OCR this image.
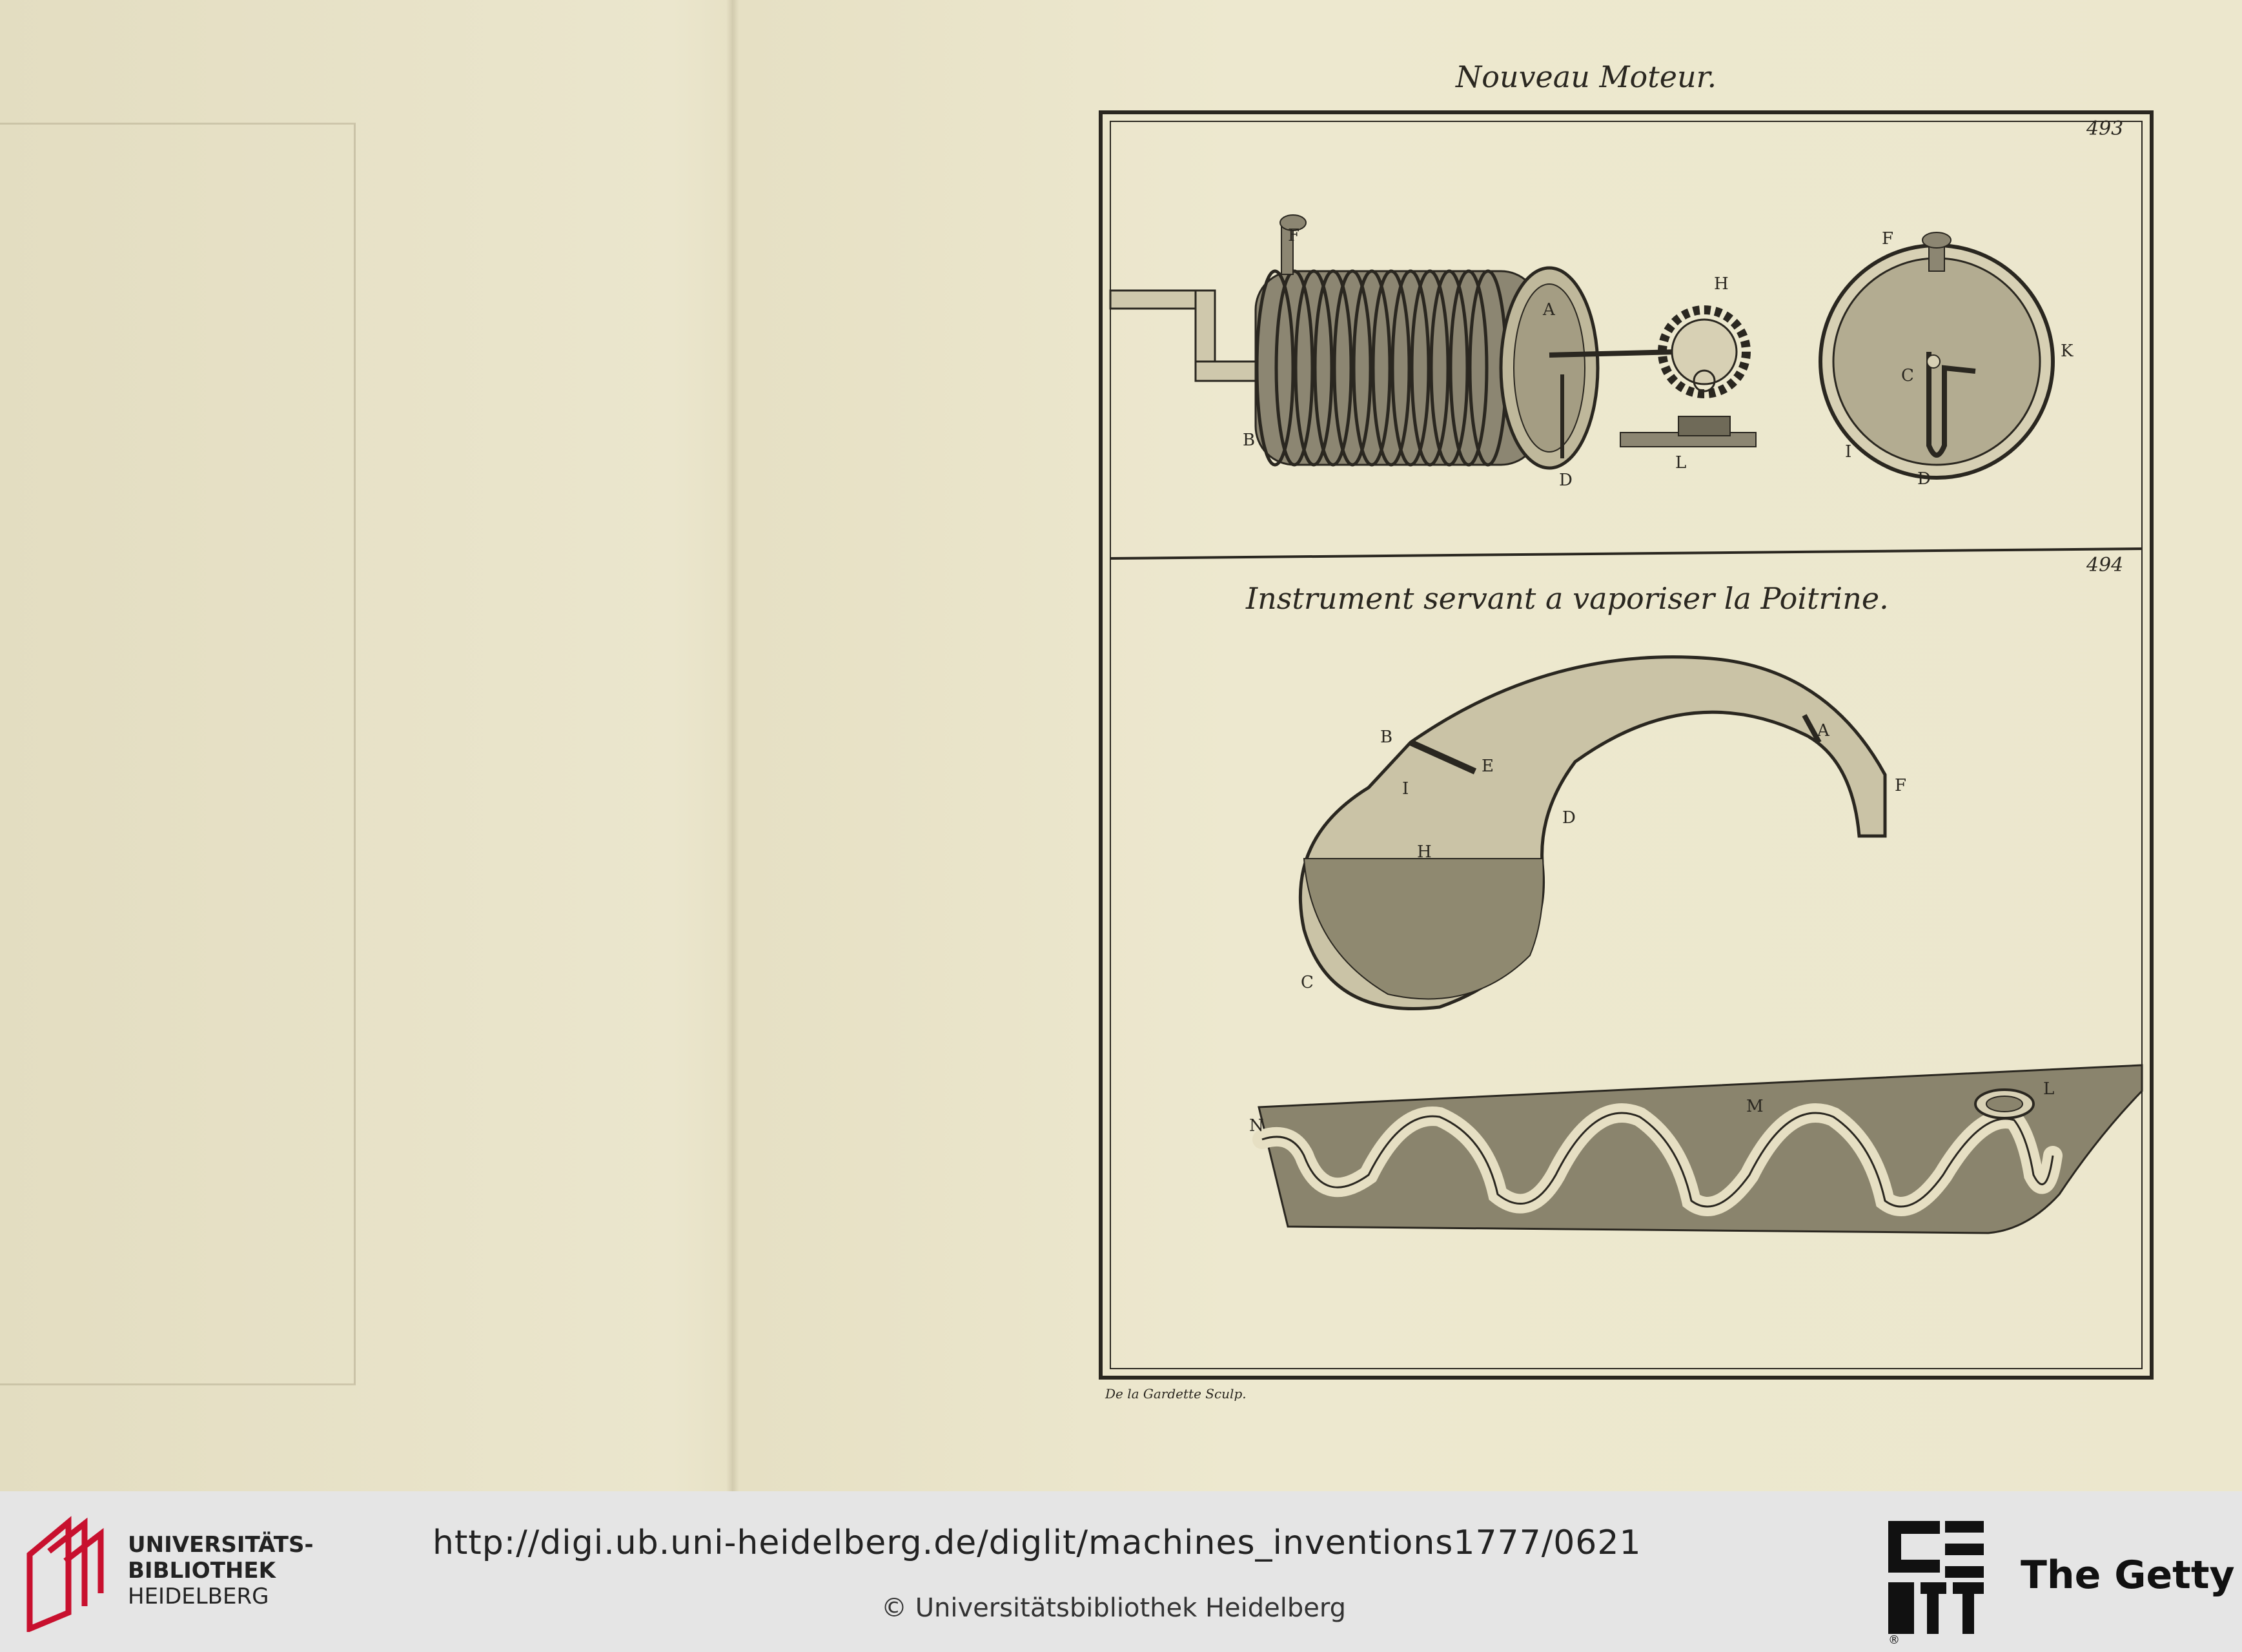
F
H
A
B
D
L
F
K
C
I
D
B
E
A
F
I
D
H
C
N
M
L
Nouveau Moteur.
493
Instrument servant a vaporiser la Poitrine.
494
De la Gardette Sculp.
UNIVERSITÄTS-
BIBLIOTHEK
HEIDELBERG
http://digi.ub.uni-heidelberg.de/diglit/machines_inventions1777/0621
© Universitätsbibliothek Heidelberg
®
The Getty
